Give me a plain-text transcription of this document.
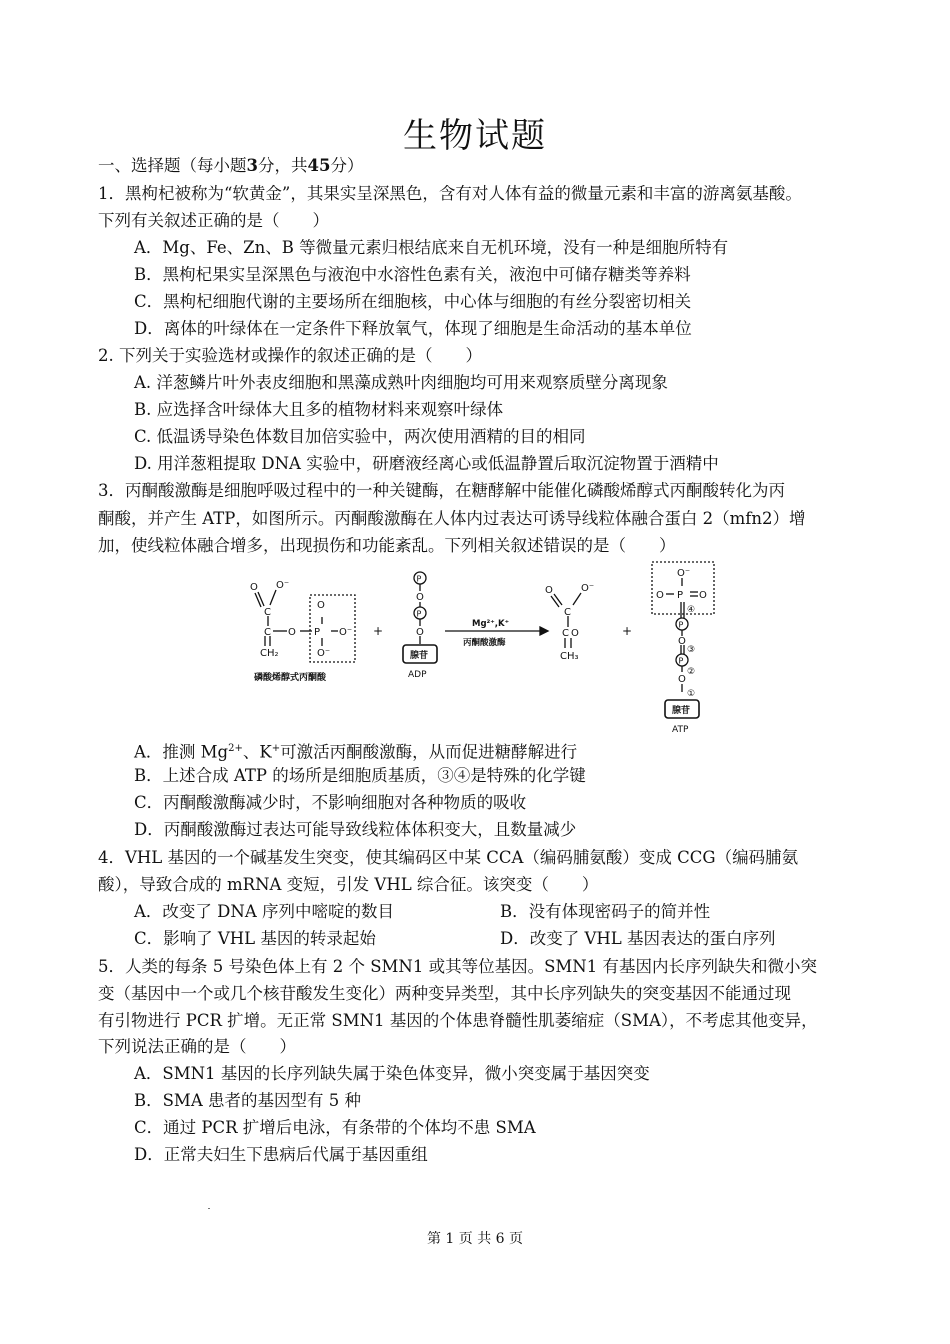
生物试题
一、选择题（每小题3分，共45分）
1．黑枸杞被称为“软黄金”，其果实呈深黑色，含有对人体有益的微量元素和丰富的游离氨基酸。
下列有关叙述正确的是（　　）
A．Mg、Fe、Zn、B 等微量元素归根结底来自无机环境，没有一种是细胞所特有
B．黑枸杞果实呈深黑色与液泡中水溶性色素有关，液泡中可储存糖类等养料
C．黑枸杞细胞代谢的主要场所在细胞核，中心体与细胞的有丝分裂密切相关
D．离体的叶绿体在一定条件下释放氧气，体现了细胞是生命活动的基本单位
2. 下列关于实验选材或操作的叙述正确的是（　　）
A. 洋葱鳞片叶外表皮细胞和黑藻成熟叶肉细胞均可用来观察质壁分离现象
B. 应选择含叶绿体大且多的植物材料来观察叶绿体
C. 低温诱导染色体数目加倍实验中，两次使用酒精的目的相同
D. 用洋葱粗提取 DNA 实验中，研磨液经离心或低温静置后取沉淀物置于酒精中
3．丙酮酸激酶是细胞呼吸过程中的一种关键酶，在糖酵解中能催化磷酸烯醇式丙酮酸转化为丙
酮酸，并产生 ATP，如图所示。丙酮酸激酶在人体内过表达可诱导线粒体融合蛋白 2（mfn2）增
加，使线粒体融合增多，出现损伤和功能紊乱。下列相关叙述错误的是（　　）
O O⁻
C
C O
CH₂
O
P O⁻
O⁻
磷酸烯醇式丙酮酸
+
P
O
P
O
腺苷
ADP
Mg²⁺,K⁺
丙酮酸激酶
O	O⁻
C
C O
CH₃
+
O⁻
O P O
④
P
O
③
P
②
O
①
腺苷
ATP
A．推测 $Mg^{2+}$、K+可激活丙酮酸激酶，从而促进糖酵解进行
B．上述合成 ATP 的场所是细胞质基质，③④是特殊的化学键
C．丙酮酸激酶减少时，不影响细胞对各种物质的吸收
D．丙酮酸激酶过表达可能导致线粒体体积变大，且数量减少
4．VHL 基因的一个碱基发生突变，使其编码区中某 CCA（编码脯氨酸）变成 CCG（编码脯氨
酸），导致合成的 mRNA 变短，引发 VHL 综合征。该突变（　　）
A．改变了 DNA 序列中嘧啶的数目	B．没有体现密码子的简并性
C．影响了 VHL 基因的转录起始	D．改变了 VHL 基因表达的蛋白序列
5．人类的每条 5 号染色体上有 2 个 SMN1 或其等位基因。SMN1 有基因内长序列缺失和微小突
变（基因中一个或几个核苷酸发生变化）两种变异类型，其中长序列缺失的突变基因不能通过现
有引物进行 PCR 扩增。无正常 SMN1 基因的个体患脊髓性肌萎缩症（SMA），不考虑其他变异，
下列说法正确的是（　　）
A．SMN1 基因的长序列缺失属于染色体变异，微小突变属于基因突变
B．SMA 患者的基因型有 5 种
C．通过 PCR 扩增后电泳，有条带的个体均不患 SMA
D．正常夫妇生下患病后代属于基因重组
第 1 页 共 6 页
